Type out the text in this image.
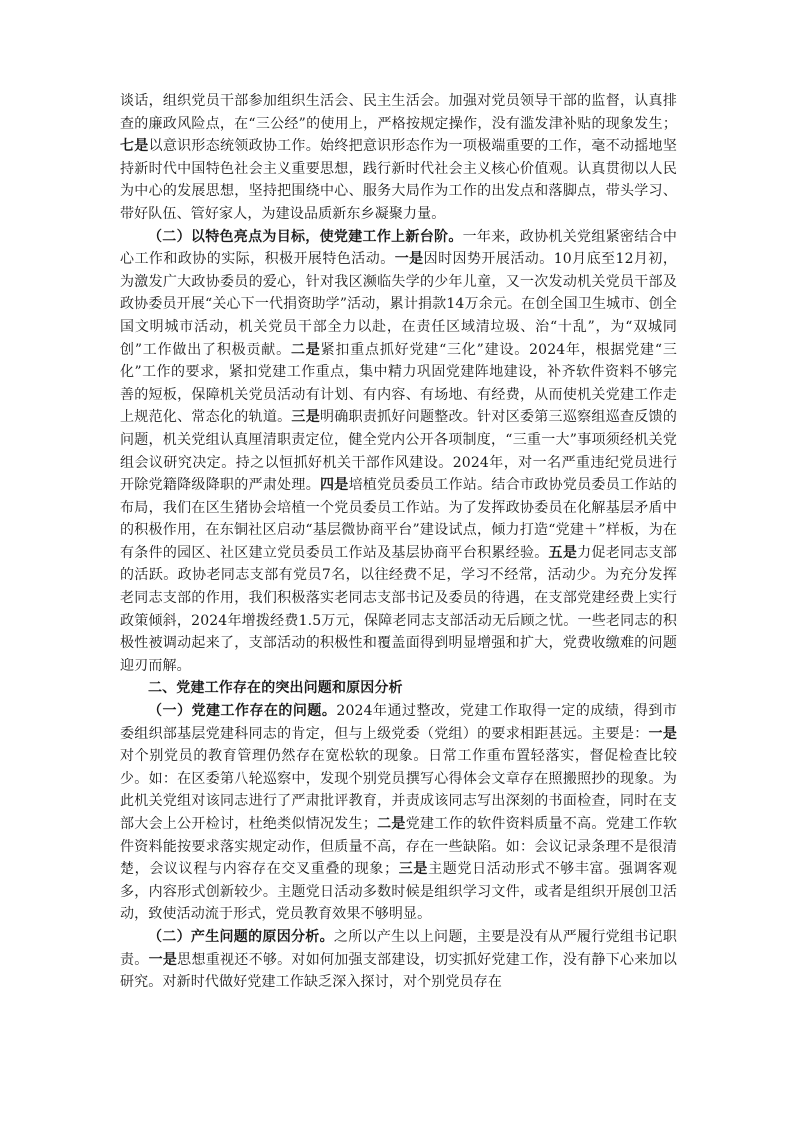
谈话，组织党员干部参加组织生活会、民主生活会。加强对党员领导干部的监督，认真排查的廉政风险点，在“三公经”的使用上，严格按规定操作，没有滥发津补贴的现象发生；七是以意识形态统领政协工作。始终把意识形态作为一项极端重要的工作，毫不动摇地坚持新时代中国特色社会主义重要思想，践行新时代社会主义核心价值观。认真贯彻以人民为中心的发展思想，坚持把围绕中心、服务大局作为工作的出发点和落脚点，带头学习、带好队伍、管好家人，为建设品质新东乡凝聚力量。

（二）以特色亮点为目标，使党建工作上新台阶。一年来，政协机关党组紧密结合中心工作和政协的实际，积极开展特色活动。一是因时因势开展活动。10月底至12月初，为激发广大政协委员的爱心，针对我区濒临失学的少年儿童，又一次发动机关党员干部及政协委员开展“关心下一代捐资助学”活动，累计捐款14万余元。在创全国卫生城市、创全国文明城市活动，机关党员干部全力以赴，在责任区域清垃圾、治“十乱”，为“双城同创”工作做出了积极贡献。二是紧扣重点抓好党建“三化”建设。2024年，根据党建“三化”工作的要求，紧扣党建工作重点，集中精力巩固党建阵地建设，补齐软件资料不够完善的短板，保障机关党员活动有计划、有内容、有场地、有经费，从而使机关党建工作走上规范化、常态化的轨道。三是明确职责抓好问题整改。针对区委第三巡察组巡查反馈的问题，机关党组认真厘清职责定位，健全党内公开各项制度，“三重一大”事项须经机关党组会议研究决定。持之以恒抓好机关干部作风建设。2024年，对一名严重违纪党员进行开除党籍降级降职的严肃处理。四是培植党员委员工作站。结合市政协党员委员工作站的布局，我们在区生猪协会培植一个党员委员工作站。为了发挥政协委员在化解基层矛盾中的积极作用，在东铜社区启动“基层微协商平台”建设试点，倾力打造“党建＋”样板，为在有条件的园区、社区建立党员委员工作站及基层协商平台积累经验。五是力促老同志支部的活跃。政协老同志支部有党员7名，以往经费不足，学习不经常，活动少。为充分发挥老同志支部的作用，我们积极落实老同志支部书记及委员的待遇，在支部党建经费上实行政策倾斜，2024年增拨经费1.5万元，保障老同志支部活动无后顾之忧。一些老同志的积极性被调动起来了，支部活动的积极性和覆盖面得到明显增强和扩大，党费收缴难的问题迎刃而解。

二、党建工作存在的突出问题和原因分析

（一）党建工作存在的问题。2024年通过整改，党建工作取得一定的成绩，得到市委组织部基层党建科同志的肯定，但与上级党委（党组）的要求相距甚远。主要是：一是对个别党员的教育管理仍然存在宽松软的现象。日常工作重布置轻落实，督促检查比较少。如：在区委第八轮巡察中，发现个别党员撰写心得体会文章存在照搬照抄的现象。为此机关党组对该同志进行了严肃批评教育，并责成该同志写出深刻的书面检查，同时在支部大会上公开检讨，杜绝类似情况发生；二是党建工作的软件资料质量不高。党建工作软件资料能按要求落实规定动作，但质量不高，存在一些缺陷。如：会议记录条理不是很清楚，会议议程与内容存在交叉重叠的现象；三是主题党日活动形式不够丰富。强调客观多，内容形式创新较少。主题党日活动多数时候是组织学习文件，或者是组织开展创卫活动，致使活动流于形式，党员教育效果不够明显。

（二）产生问题的原因分析。之所以产生以上问题，主要是没有从严履行党组书记职责。一是思想重视还不够。对如何加强支部建设，切实抓好党建工作，没有静下心来加以研究。对新时代做好党建工作缺乏深入探讨，对个别党员存在
